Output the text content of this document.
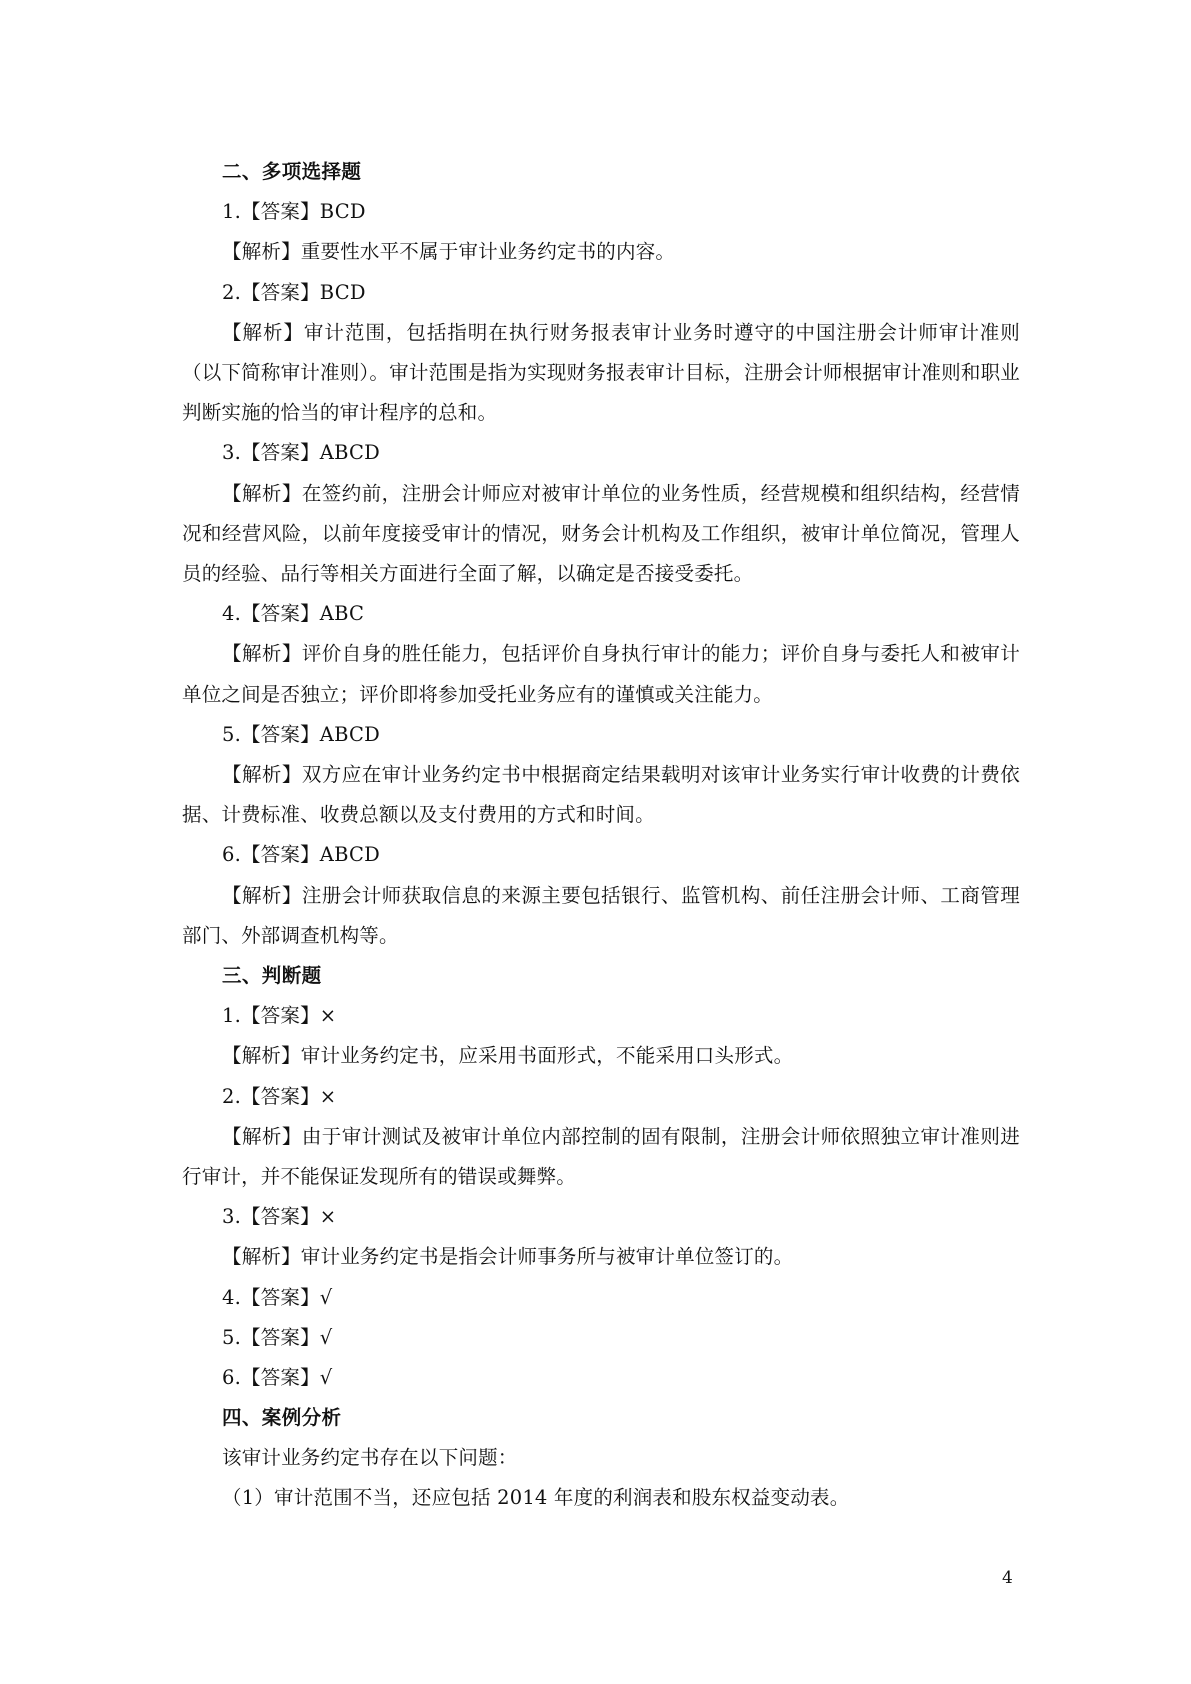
二、多项选择题
1.【答案】BCD
【解析】重要性水平不属于审计业务约定书的内容。
2.【答案】BCD
【解析】审计范围，包括指明在执行财务报表审计业务时遵守的中国注册会计师审计准则（以下简称审计准则）。审计范围是指为实现财务报表审计目标，注册会计师根据审计准则和职业判断实施的恰当的审计程序的总和。
3.【答案】ABCD
【解析】在签约前，注册会计师应对被审计单位的业务性质，经营规模和组织结构，经营情况和经营风险，以前年度接受审计的情况，财务会计机构及工作组织，被审计单位简况，管理人员的经验、品行等相关方面进行全面了解，以确定是否接受委托。
4.【答案】ABC
【解析】评价自身的胜任能力，包括评价自身执行审计的能力；评价自身与委托人和被审计单位之间是否独立；评价即将参加受托业务应有的谨慎或关注能力。
5.【答案】ABCD
【解析】双方应在审计业务约定书中根据商定结果载明对该审计业务实行审计收费的计费依据、计费标准、收费总额以及支付费用的方式和时间。
6.【答案】ABCD
【解析】注册会计师获取信息的来源主要包括银行、监管机构、前任注册会计师、工商管理部门、外部调查机构等。
三、判断题
1.【答案】×
【解析】审计业务约定书，应采用书面形式，不能采用口头形式。
2.【答案】×
【解析】由于审计测试及被审计单位内部控制的固有限制，注册会计师依照独立审计准则进行审计，并不能保证发现所有的错误或舞弊。
3.【答案】×
【解析】审计业务约定书是指会计师事务所与被审计单位签订的。
4.【答案】√
5.【答案】√
6.【答案】√
四、案例分析
该审计业务约定书存在以下问题：
（1）审计范围不当，还应包括 2014 年度的利润表和股东权益变动表。
4
